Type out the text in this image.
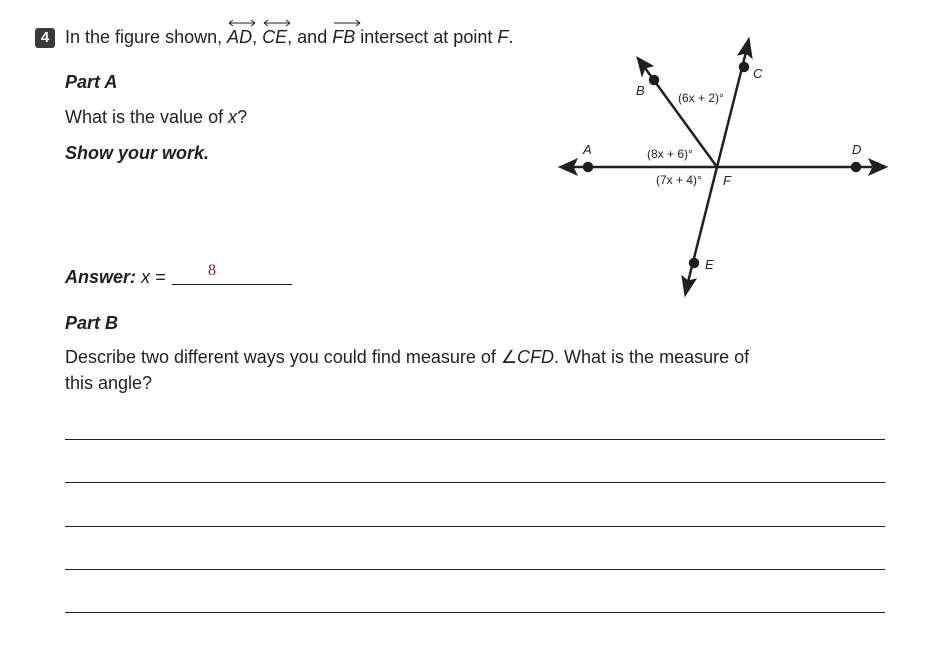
4 In the figure shown, AD,
CE, and FB intersect at point F.
Part A
What is the value of x?
Show your work.
Answer: x =	8
Part B
Describe two different ways you could find measure of ∠CFD. What is the measure of
this angle?
A	D
C
B
E
F
(6x + 2)°
(8x + 6)°
(7x + 4)°
